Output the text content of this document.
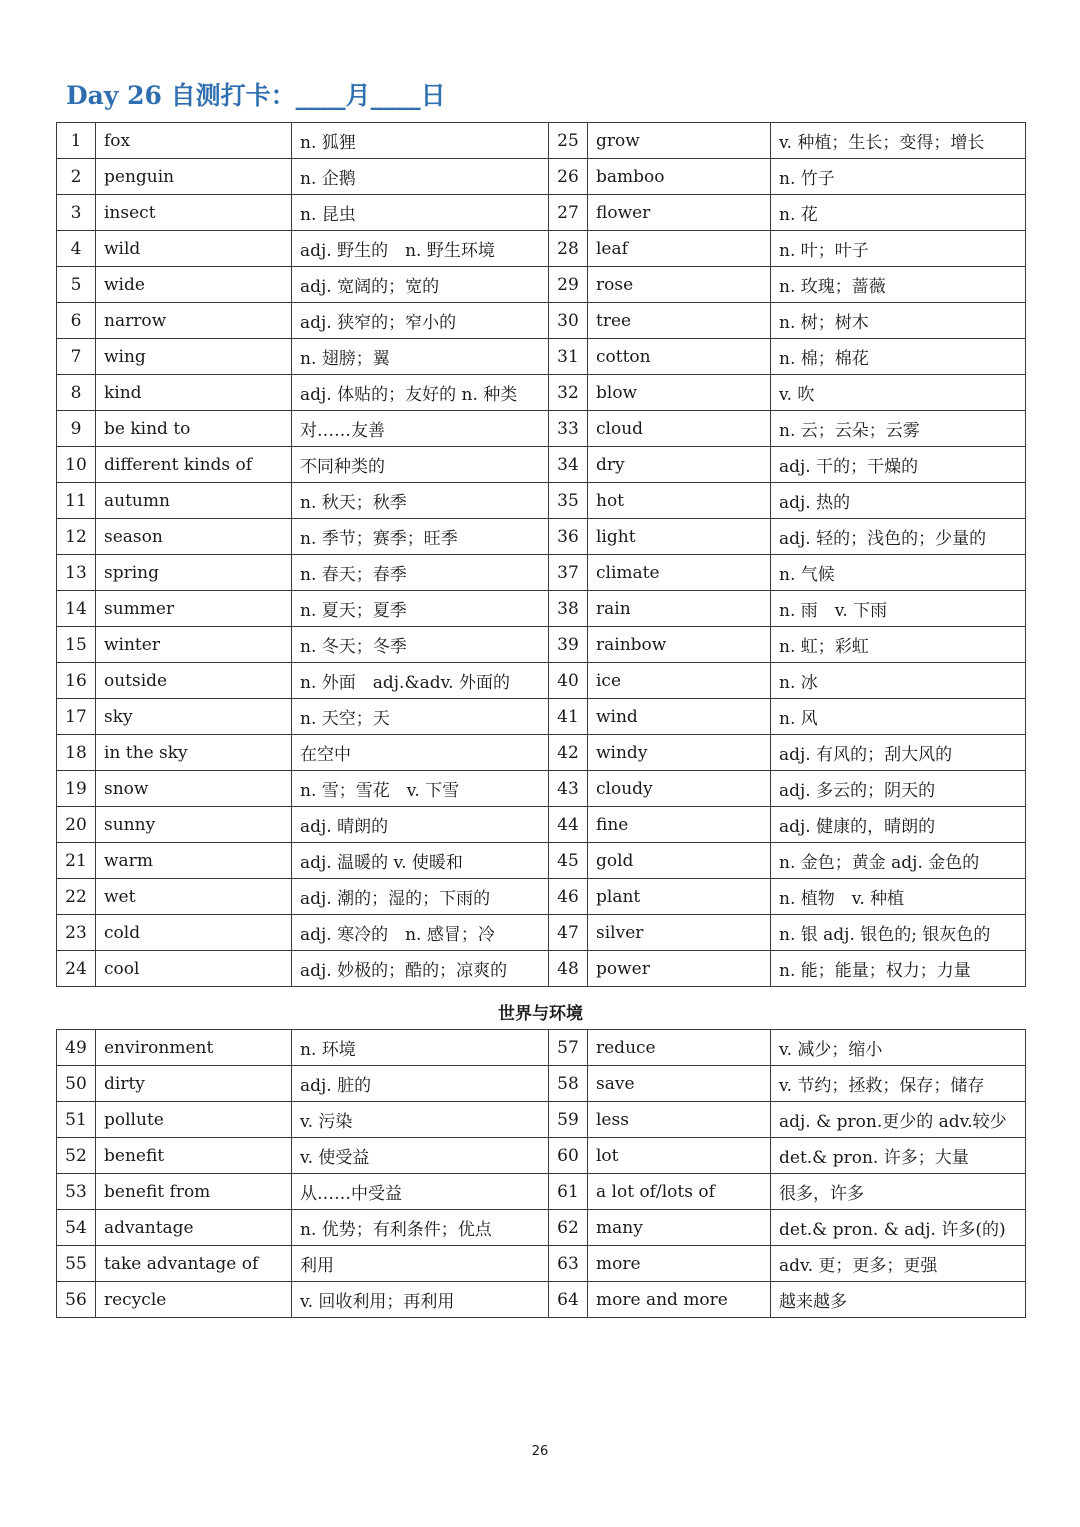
Day 26 自测打卡：____月____日
1	fox	n. 狐狸	25	grow	v. 种植；生长；变得；增长
2	penguin	n. 企鹅	26	bamboo	n. 竹子
3	insect	n. 昆虫	27	flower	n. 花
4	wild	adj. 野生的　n. 野生环境	28	leaf	n. 叶；叶子
5	wide	adj. 宽阔的；宽的	29	rose	n. 玫瑰；蔷薇
6	narrow	adj. 狭窄的；窄小的	30	tree	n. 树；树木
7	wing	n. 翅膀；翼	31	cotton	n. 棉；棉花
8	kind	adj. 体贴的；友好的 n. 种类	32	blow	v. 吹
9	be kind to	对……友善	33	cloud	n. 云；云朵；云雾
10	different kinds of	不同种类的	34	dry	adj. 干的；干燥的
11	autumn	n. 秋天；秋季	35	hot	adj. 热的
12	season	n. 季节；赛季；旺季	36	light	adj. 轻的；浅色的；少量的
13	spring	n. 春天；春季	37	climate	n. 气候
14	summer	n. 夏天；夏季	38	rain	n. 雨　v. 下雨
15	winter	n. 冬天；冬季	39	rainbow	n. 虹；彩虹
16	outside	n. 外面　adj.&adv. 外面的	40	ice	n. 冰
17	sky	n. 天空；天	41	wind	n. 风
18	in the sky	在空中	42	windy	adj. 有风的；刮大风的
19	snow	n. 雪；雪花　v. 下雪	43	cloudy	adj. 多云的；阴天的
20	sunny	adj. 晴朗的	44	fine	adj. 健康的，晴朗的
21	warm	adj. 温暖的 v. 使暖和	45	gold	n. 金色；黄金 adj. 金色的
22	wet	adj. 潮的；湿的；下雨的	46	plant	n. 植物　v. 种植
23	cold	adj. 寒冷的　n. 感冒；冷	47	silver	n. 银 adj. 银色的; 银灰色的
24	cool	adj. 妙极的；酷的；凉爽的	48	power	n. 能；能量；权力；力量
世界与环境
49	environment	n. 环境	57	reduce	v. 减少；缩小
50	dirty	adj. 脏的	58	save	v. 节约；拯救；保存；储存
51	pollute	v. 污染	59	less	adj. & pron.更少的 adv.较少
52	benefit	v. 使受益	60	lot	det.& pron. 许多；大量
53	benefit from	从……中受益	61	a lot of/lots of	很多，许多
54	advantage	n. 优势；有利条件；优点	62	many	det.& pron. & adj. 许多(的)
55	take advantage of	利用	63	more	adv. 更；更多；更强
56	recycle	v. 回收利用；再利用	64	more and more	越来越多
26
